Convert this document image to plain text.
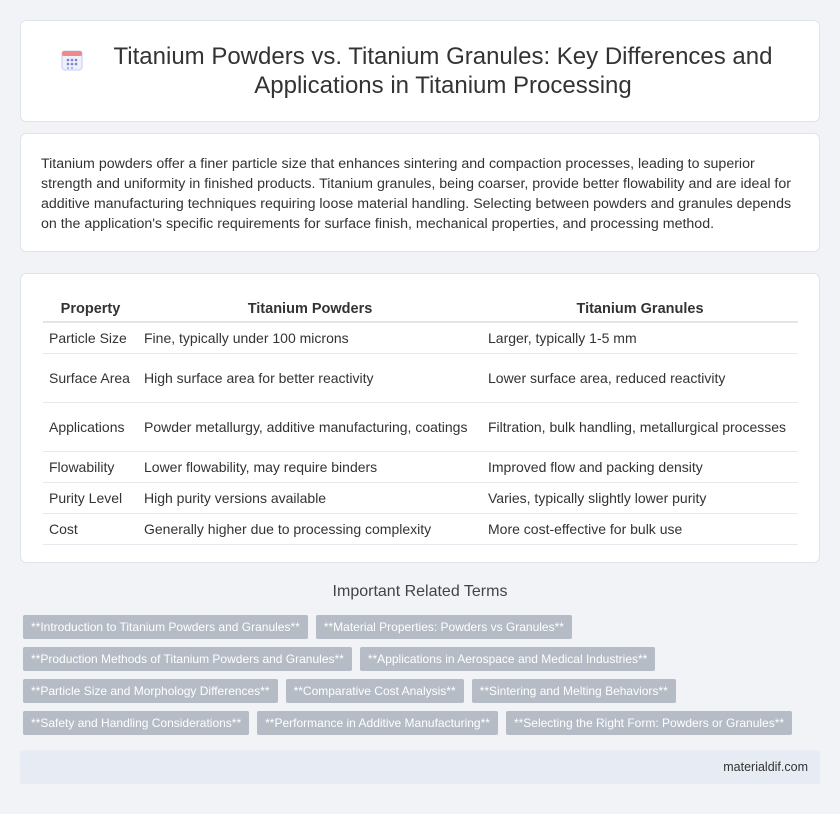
Titanium Powders vs. Titanium Granules: Key Differences and Applications in Titanium Processing

Titanium powders offer a finer particle size that enhances sintering and compaction processes, leading to superior strength and uniformity in finished products. Titanium granules, being coarser, provide better flowability and are ideal for additive manufacturing techniques requiring loose material handling. Selecting between powders and granules depends on the application's specific requirements for surface finish, mechanical properties, and processing method.

Property	Titanium Powders	Titanium Granules
Particle Size	Fine, typically under 100 microns	Larger, typically 1-5 mm
Surface Area	High surface area for better reactivity	Lower surface area, reduced reactivity
Applications	Powder metallurgy, additive manufacturing, coatings	Filtration, bulk handling, metallurgical processes
Flowability	Lower flowability, may require binders	Improved flow and packing density
Purity Level	High purity versions available	Varies, typically slightly lower purity
Cost	Generally higher due to processing complexity	More cost-effective for bulk use
Important Related Terms
**Introduction to Titanium Powders and Granules**	**Material Properties: Powders vs Granules**
**Production Methods of Titanium Powders and Granules**	**Applications in Aerospace and Medical Industries**
**Particle Size and Morphology Differences**	**Comparative Cost Analysis**	**Sintering and Melting Behaviors**
**Safety and Handling Considerations**	**Performance in Additive Manufacturing**	**Selecting the Right Form: Powders or Granules**
materialdif.com
